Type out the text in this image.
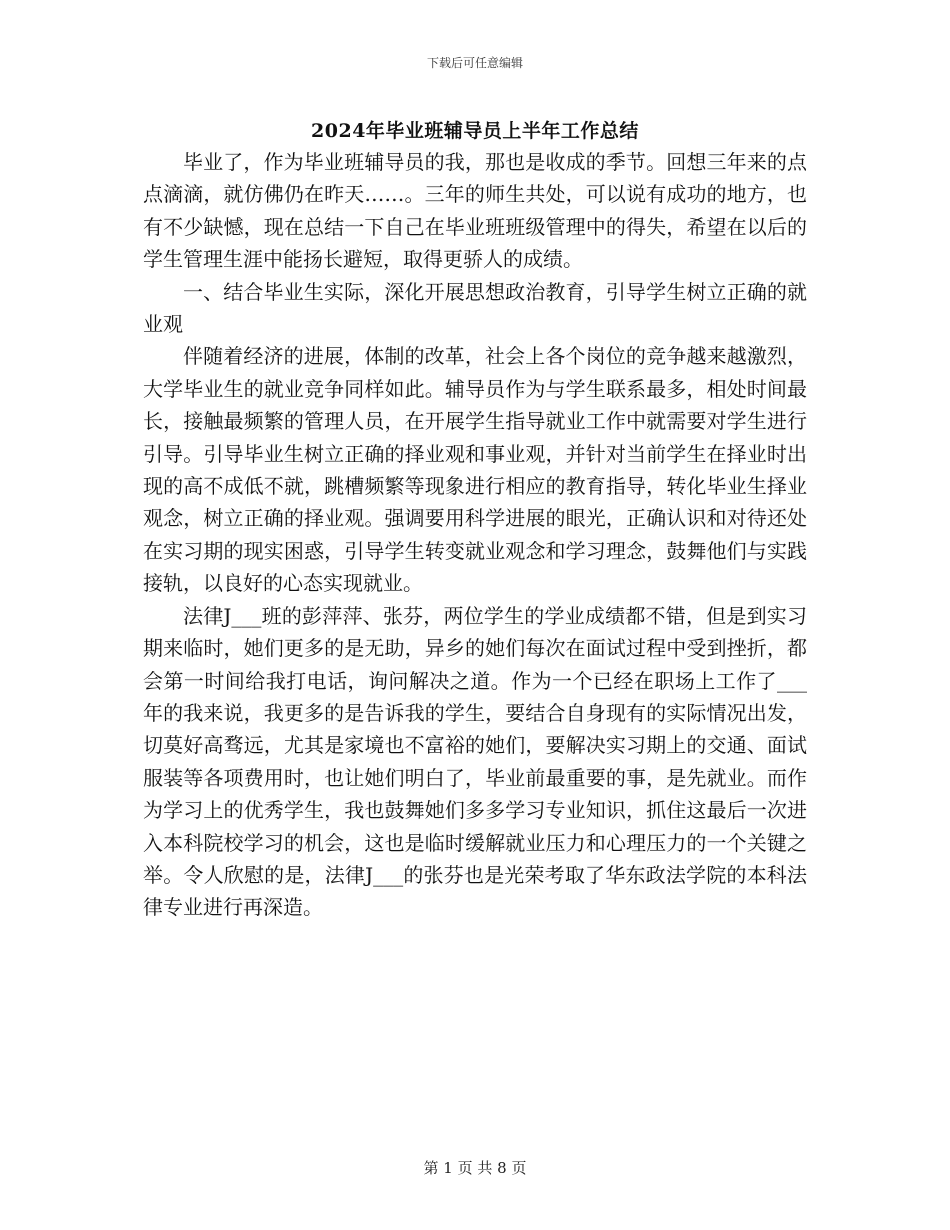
下载后可任意编辑
2024年毕业班辅导员上半年工作总结

毕业了，作为毕业班辅导员的我，那也是收成的季节。回想三年来的点点滴滴，就仿佛仍在昨天……。三年的师生共处，可以说有成功的地方，也有不少缺憾，现在总结一下自己在毕业班班级管理中的得失，希望在以后的学生管理生涯中能扬长避短，取得更骄人的成绩。

一、结合毕业生实际，深化开展思想政治教育，引导学生树立正确的就业观

伴随着经济的进展，体制的改革，社会上各个岗位的竞争越来越激烈，大学毕业生的就业竞争同样如此。辅导员作为与学生联系最多，相处时间最长，接触最频繁的管理人员，在开展学生指导就业工作中就需要对学生进行引导。引导毕业生树立正确的择业观和事业观，并针对当前学生在择业时出现的高不成低不就，跳槽频繁等现象进行相应的教育指导，转化毕业生择业观念，树立正确的择业观。强调要用科学进展的眼光，正确认识和对待还处在实习期的现实困惑，引导学生转变就业观念和学习理念，鼓舞他们与实践接轨，以良好的心态实现就业。

法律J___班的彭萍萍、张芬，两位学生的学业成绩都不错，但是到实习期来临时，她们更多的是无助，异乡的她们每次在面试过程中受到挫折，都会第一时间给我打电话，询问解决之道。作为一个已经在职场上工作了___年的我来说，我更多的是告诉我的学生，要结合自身现有的实际情况出发，切莫好高骛远，尤其是家境也不富裕的她们，要解决实习期上的交通、面试服装等各项费用时，也让她们明白了，毕业前最重要的事，是先就业。而作为学习上的优秀学生，我也鼓舞她们多多学习专业知识，抓住这最后一次进入本科院校学习的机会，这也是临时缓解就业压力和心理压力的一个关键之举。令人欣慰的是，法律J___的张芬也是光荣考取了华东政法学院的本科法律专业进行再深造。

第 1 页 共 8 页
